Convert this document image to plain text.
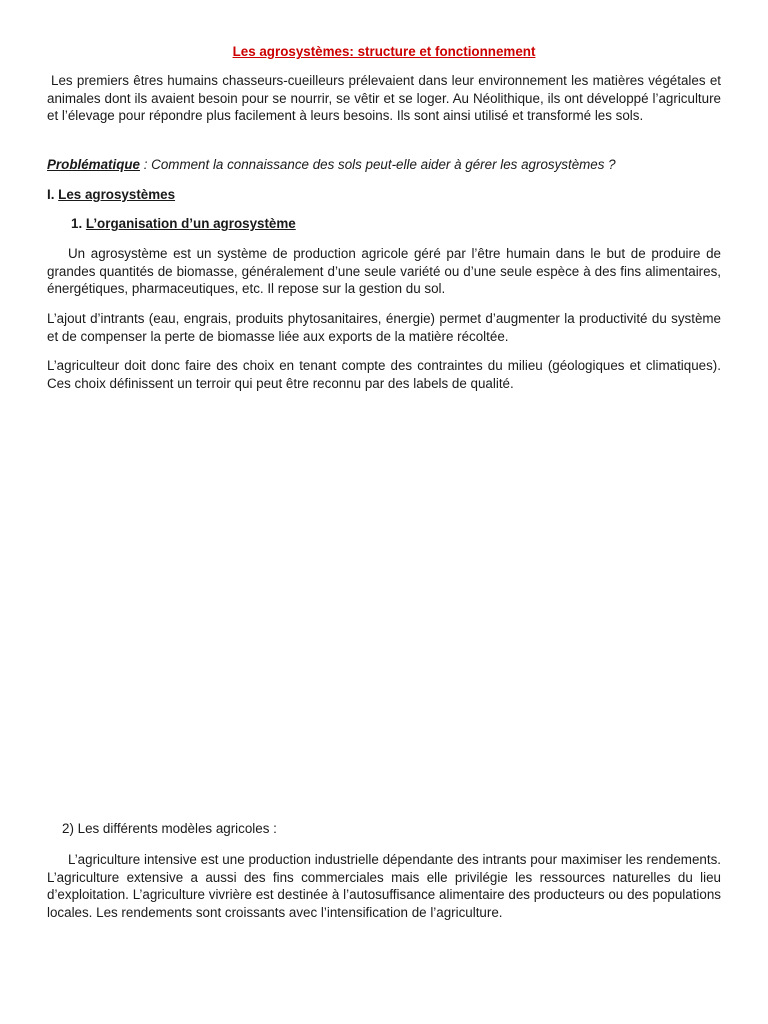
Les agrosystèmes: structure et fonctionnement

Les premiers êtres humains chasseurs-cueilleurs prélevaient dans leur environnement les matières végétales et animales dont ils avaient besoin pour se nourrir, se vêtir et se loger. Au Néolithique, ils ont développé l’agriculture et l’élevage pour répondre plus facilement à leurs besoins. Ils sont ainsi utilisé et transformé les sols.

Problématique : Comment la connaissance des sols peut-elle aider à gérer les agrosystèmes ?

I. Les agrosystèmes
1. L’organisation d’un agrosystème

Un agrosystème est un système de production agricole géré par l’être humain dans le but de produire de grandes quantités de biomasse, généralement d’une seule variété ou d’une seule espèce à des fins alimentaires, énergétiques, pharmaceutiques, etc. Il repose sur la gestion du sol.

L’ajout d’intrants (eau, engrais, produits phytosanitaires, énergie) permet d’augmenter la productivité du système et de compenser la perte de biomasse liée aux exports de la matière récoltée.

L’agriculteur doit donc faire des choix en tenant compte des contraintes du milieu (géologiques et climatiques). Ces choix définissent un terroir qui peut être reconnu par des labels de qualité.

2) Les différents modèles agricoles :

L’agriculture intensive est une production industrielle dépendante des intrants pour maximiser les rendements. L’agriculture extensive a aussi des fins commerciales mais elle privilégie les ressources naturelles du lieu d’exploitation. L’agriculture vivrière est destinée à l’autosuffisance alimentaire des producteurs ou des populations locales. Les rendements sont croissants avec l’intensification de l’agriculture.
